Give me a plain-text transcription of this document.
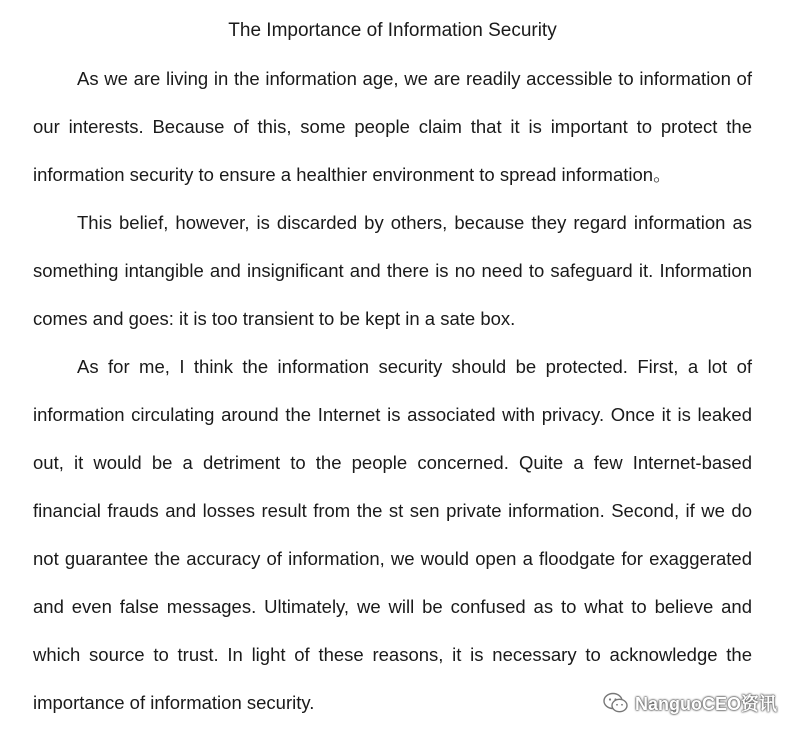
The Importance of Information Security

As we are living in the information age, we are readily accessible to information of our interests. Because of this, some people claim that it is important to protect the information security to ensure a healthier environment to spread information。

This belief, however, is discarded by others, because they regard information as something intangible and insignificant and there is no need to safeguard it. Information comes and goes: it is too transient to be kept in a sate box.

As for me, I think the information security should be protected. First, a lot of information circulating around the Internet is associated with privacy. Once it is leaked out, it would be a detriment to the people concerned. Quite a few Internet-based financial frauds and losses result from the st sen private information. Second, if we do not guarantee the accuracy of information, we would open a floodgate for exaggerated and even false messages. Ultimately, we will be confused as to what to believe and which source to trust. In light of these reasons, it is necessary to acknowledge the importance of information security.	NanguoCEO资讯
